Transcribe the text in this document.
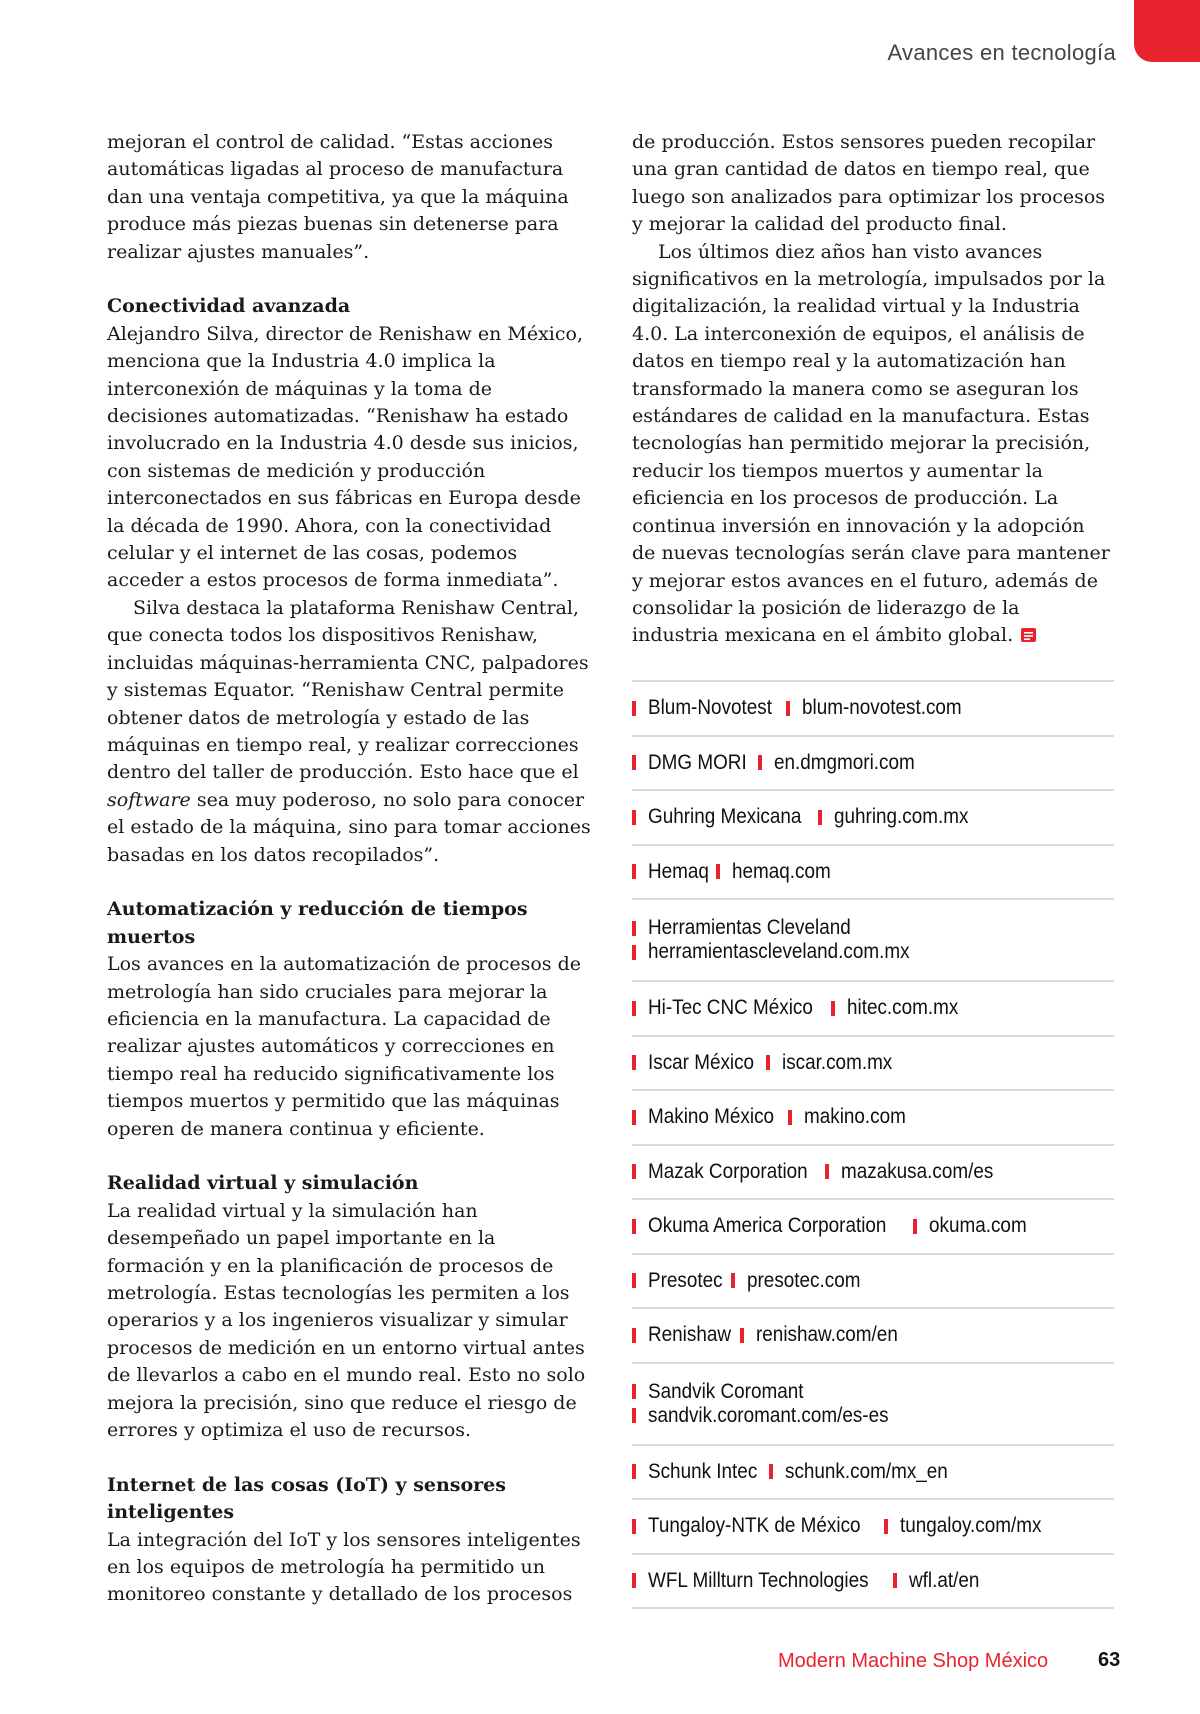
Avances en tecnología

mejoran el control de calidad. “Estas acciones automáticas ligadas al proceso de manufactura dan una ventaja competitiva, ya que la máquina produce más piezas buenas sin detenerse para realizar ajustes manuales”.

Conectividad avanzada

Alejandro Silva, director de Renishaw en México, menciona que la Industria 4.0 implica la interconexión de máquinas y la toma de decisiones automatizadas. “Renishaw ha estado involucrado en la Industria 4.0 desde sus inicios, con sistemas de medición y producción interconectados en sus fábricas en Europa desde la década de 1990. Ahora, con la conectividad celular y el internet de las cosas, podemos acceder a estos procesos de forma inmediata”.

Silva destaca la plataforma Renishaw Central, que conecta todos los dispositivos Renishaw, incluidas máquinas-herramienta CNC, palpadores y sistemas Equator. “Renishaw Central permite obtener datos de metrología y estado de las máquinas en tiempo real, y realizar correcciones dentro del taller de producción. Esto hace que el software sea muy poderoso, no solo para conocer el estado de la máquina, sino para tomar acciones basadas en los datos recopilados”.

Automatización y reducción de tiempos muertos

Los avances en la automatización de procesos de metrología han sido cruciales para mejorar la eficiencia en la manufactura. La capacidad de realizar ajustes automáticos y correcciones en tiempo real ha reducido significativamente los tiempos muertos y permitido que las máquinas operen de manera continua y eficiente.

Realidad virtual y simulación

La realidad virtual y la simulación han desempeñado un papel importante en la formación y en la planificación de procesos de metrología. Estas tecnologías les permiten a los operarios y a los ingenieros visualizar y simular procesos de medición en un entorno virtual antes de llevarlos a cabo en el mundo real. Esto no solo mejora la precisión, sino que reduce el riesgo de errores y optimiza el uso de recursos.

Internet de las cosas (IoT) y sensores inteligentes

La integración del IoT y los sensores inteligentes en los equipos de metrología ha permitido un monitoreo constante y detallado de los procesos

de producción. Estos sensores pueden recopilar una gran cantidad de datos en tiempo real, que luego son analizados para optimizar los procesos y mejorar la calidad del producto final.

Los últimos diez años han visto avances significativos en la metrología, impulsados por la digitalización, la realidad virtual y la Industria 4.0. La interconexión de equipos, el análisis de datos en tiempo real y la automatización han transformado la manera como se aseguran los estándares de calidad en la manufactura. Estas tecnologías han permitido mejorar la precisión, reducir los tiempos muertos y aumentar la eficiencia en los procesos de producción. La continua inversión en innovación y la adopción de nuevas tecnologías serán clave para mantener y mejorar estos avances en el futuro, además de consolidar la posición de liderazgo de la industria mexicana en el ámbito global.

Blum-Novotest blum-novotest.com
DMG MORI en.dmgmori.com
Guhring Mexicana guhring.com.mx
Hemaq hemaq.com
Herramientas Cleveland
herramientascleveland.com.mx
Hi-Tec CNC México hitec.com.mx
Iscar México iscar.com.mx
Makino México makino.com
Mazak Corporation mazakusa.com/es
Okuma America Corporation okuma.com
Presotec presotec.com
Renishaw renishaw.com/en
Sandvik Coromant
sandvik.coromant.com/es-es
Schunk Intec schunk.com/mx_en
Tungaloy-NTK de México tungaloy.com/mx
WFL Millturn Technologies wfl.at/en
Modern Machine Shop México 63
